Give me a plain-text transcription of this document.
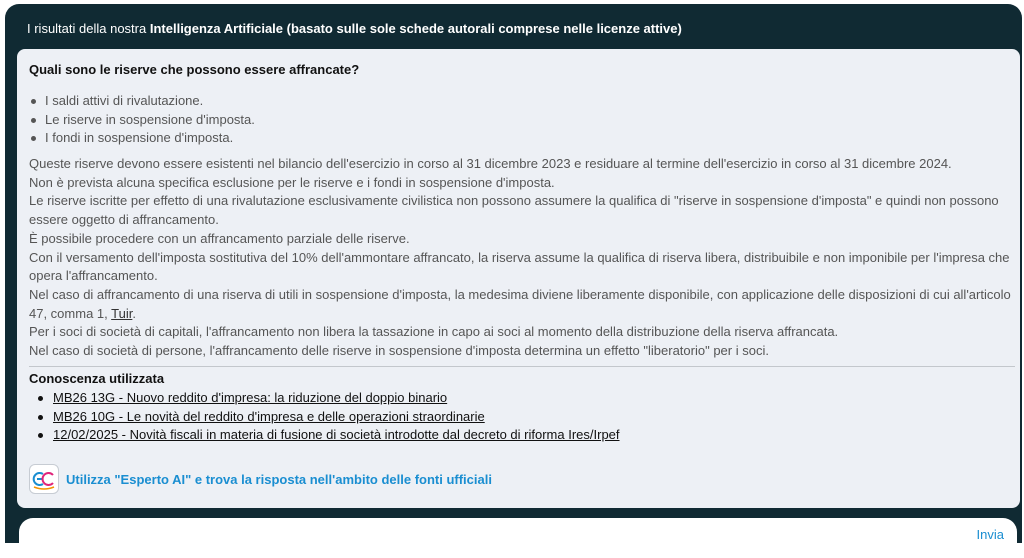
I risultati della nostra Intelligenza Artificiale (basato sulle sole schede autorali comprese nelle licenze attive)
Quali sono le riserve che possono essere affrancate?
I saldi attivi di rivalutazione.
Le riserve in sospensione d'imposta.
I fondi in sospensione d'imposta.

Queste riserve devono essere esistenti nel bilancio dell'esercizio in corso al 31 dicembre 2023 e residuare al termine dell'esercizio in corso al 31 dicembre 2024.

Non è prevista alcuna specifica esclusione per le riserve e i fondi in sospensione d'imposta.

Le riserve iscritte per effetto di una rivalutazione esclusivamente civilistica non possono assumere la qualifica di "riserve in sospensione d'imposta" e quindi non possono essere oggetto di affrancamento.

È possibile procedere con un affrancamento parziale delle riserve.

Con il versamento dell'imposta sostitutiva del 10% dell'ammontare affrancato, la riserva assume la qualifica di riserva libera, distribuibile e non imponibile per l'impresa che opera l'affrancamento.

Nel caso di affrancamento di una riserva di utili in sospensione d'imposta, la medesima diviene liberamente disponibile, con applicazione delle disposizioni di cui all'articolo 47, comma 1, Tuir.

Per i soci di società di capitali, l'affrancamento non libera la tassazione in capo ai soci al momento della distribuzione della riserva affrancata.

Nel caso di società di persone, l'affrancamento delle riserve in sospensione d'imposta determina un effetto "liberatorio" per i soci.

Conoscenza utilizzata
MB26 13G - Nuovo reddito d'impresa: la riduzione del doppio binario
MB26 10G - Le novità del reddito d'impresa e delle operazioni straordinarie
12/02/2025 - Novità fiscali in materia di fusione di società introdotte dal decreto di riforma Ires/Irpef
Utilizza "Esperto AI" e trova la risposta nell'ambito delle fonti ufficiali
Invia
